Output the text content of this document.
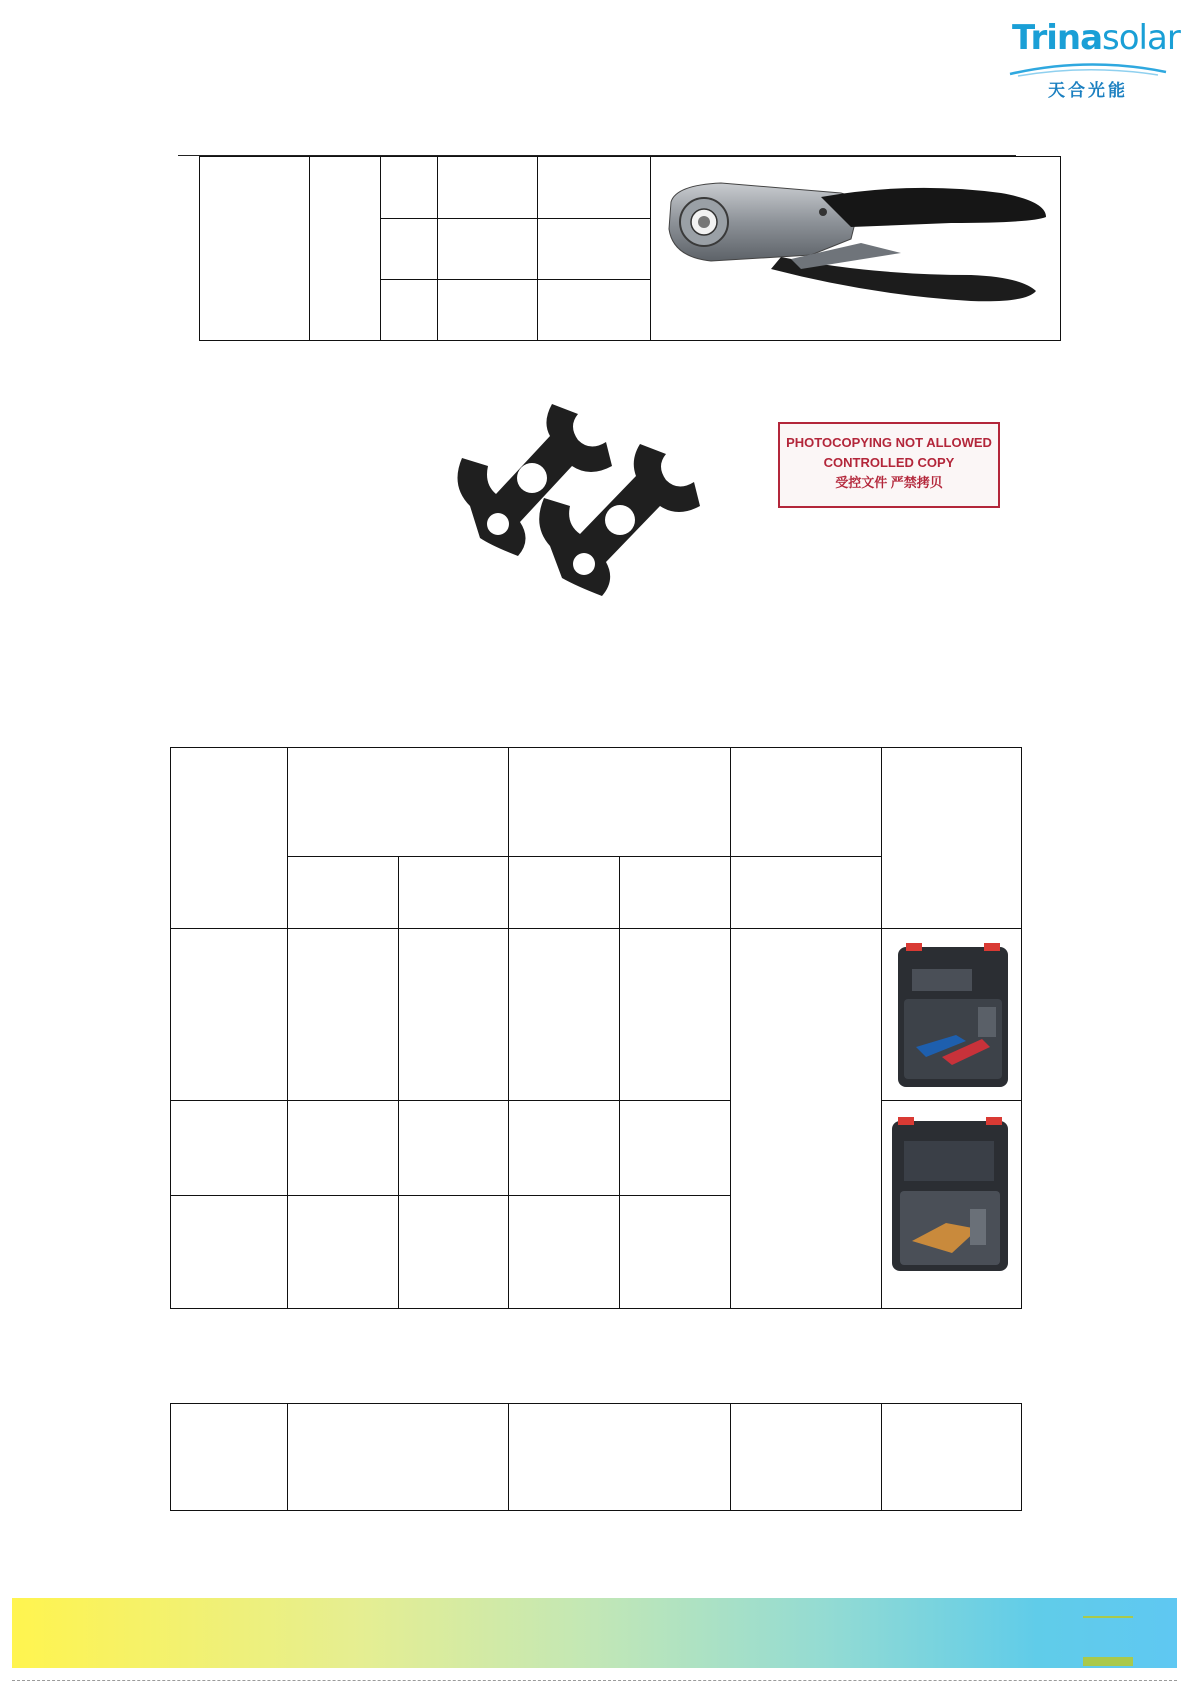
Trinasolar
天合光能
PHOTOCOPYING NOT ALLOWED
CONTROLLED COPY
受控文件 严禁拷贝
